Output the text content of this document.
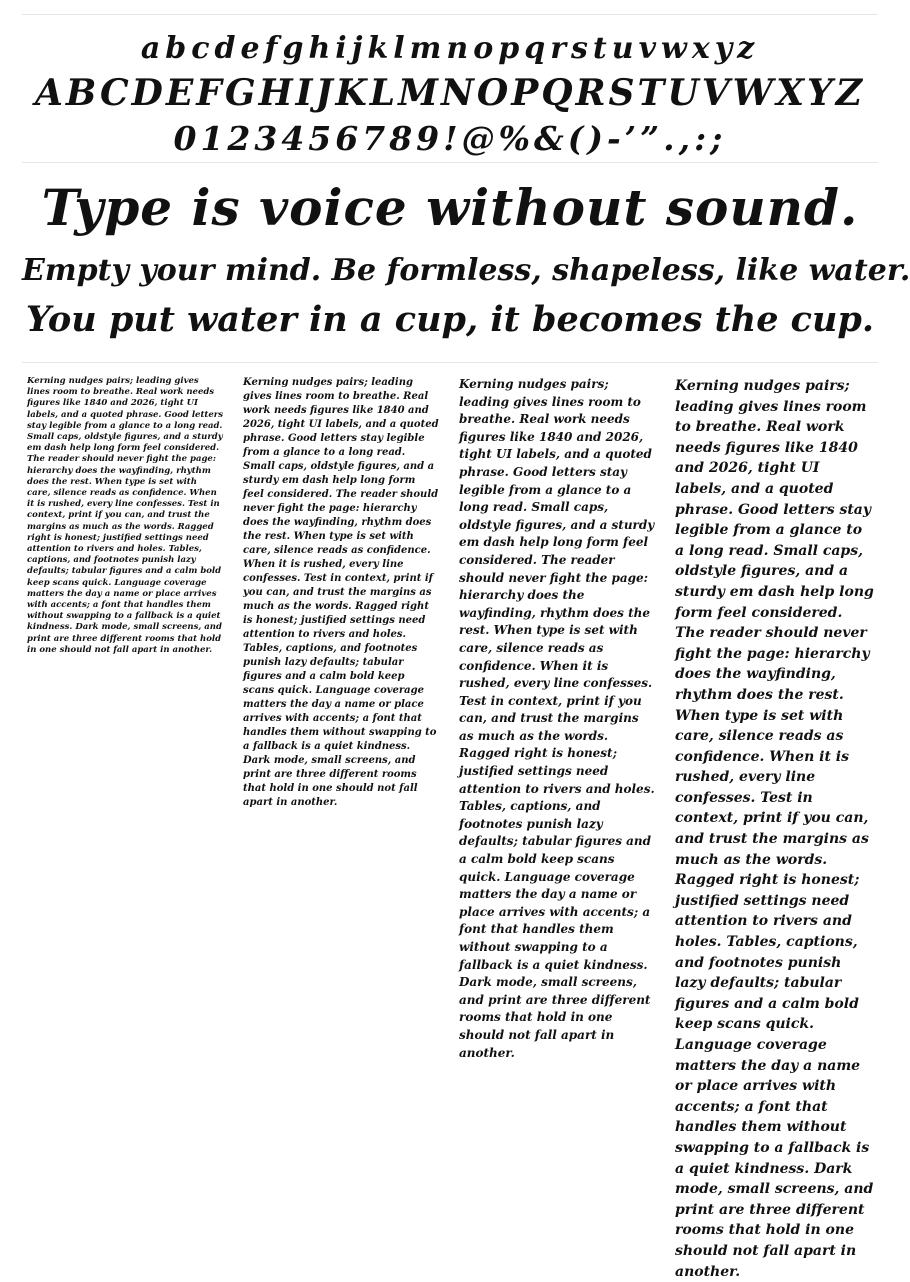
abcdefghijklmnopqrstuvwxyz
ABCDEFGHIJKLMNOPQRSTUVWXYZ
0123456789!@%&()-’”.,:;
Type is voice without sound.
Empty your mind. Be formless, shapeless, like water.
You put water in a cup, it becomes the cup.
Kerning nudges pairs; leading gives lines room to breathe. Real work needs figures like 1840 and 2026, tight UI labels, and a quoted phrase. Good letters stay legible from a glance to a long read. Small caps, oldstyle figures, and a sturdy em dash help long form feel considered. The reader should never fight the page: hierarchy does the wayfinding, rhythm does the rest. When type is set with care, silence reads as confidence. When it is rushed, every line confesses. Test in context, print if you can, and trust the margins as much as the words. Ragged right is honest; justified settings need attention to rivers and holes. Tables, captions, and footnotes punish lazy defaults; tabular figures and a calm bold keep scans quick. Language coverage matters the day a name or place arrives with accents; a font that handles them without swapping to a fallback is a quiet kindness. Dark mode, small screens, and print are three different rooms that hold in one should not fall apart in another.
Kerning nudges pairs; leading gives lines room to breathe. Real work needs figures like 1840 and 2026, tight UI labels, and a quoted phrase. Good letters stay legible from a glance to a long read. Small caps, oldstyle figures, and a sturdy em dash help long form feel considered. The reader should never fight the page: hierarchy does the wayfinding, rhythm does the rest. When type is set with care, silence reads as confidence. When it is rushed, every line confesses. Test in context, print if you can, and trust the margins as much as the words. Ragged right is honest; justified settings need attention to rivers and holes. Tables, captions, and footnotes punish lazy defaults; tabular figures and a calm bold keep scans quick. Language coverage matters the day a name or place arrives with accents; a font that handles them without swapping to a fallback is a quiet kindness. Dark mode, small screens, and print are three different rooms that hold in one should not fall apart in another.
Kerning nudges pairs; leading gives lines room to breathe. Real work needs figures like 1840 and 2026, tight UI labels, and a quoted phrase. Good letters stay legible from a glance to a long read. Small caps, oldstyle figures, and a sturdy em dash help long form feel considered. The reader should never fight the page: hierarchy does the wayfinding, rhythm does the rest. When type is set with care, silence reads as confidence. When it is rushed, every line confesses. Test in context, print if you can, and trust the margins as much as the words. Ragged right is honest; justified settings need attention to rivers and holes. Tables, captions, and footnotes punish lazy defaults; tabular figures and a calm bold keep scans quick. Language coverage matters the day a name or place arrives with accents; a font that handles them without swapping to a fallback is a quiet kindness. Dark mode, small screens, and print are three different rooms that hold in one should not fall apart in another.
Kerning nudges pairs; leading gives lines room to breathe. Real work needs figures like 1840 and 2026, tight UI labels, and a quoted phrase. Good letters stay legible from a glance to a long read. Small caps, oldstyle figures, and a sturdy em dash help long form feel considered. The reader should never fight the page: hierarchy does the wayfinding, rhythm does the rest. When type is set with care, silence reads as confidence. When it is rushed, every line confesses. Test in context, print if you can, and trust the margins as much as the words. Ragged right is honest; justified settings need attention to rivers and holes. Tables, captions, and footnotes punish lazy defaults; tabular figures and a calm bold keep scans quick. Language coverage matters the day a name or place arrives with accents; a font that handles them without swapping to a fallback is a quiet kindness. Dark mode, small screens, and print are three different rooms that hold in one should not fall apart in another.
